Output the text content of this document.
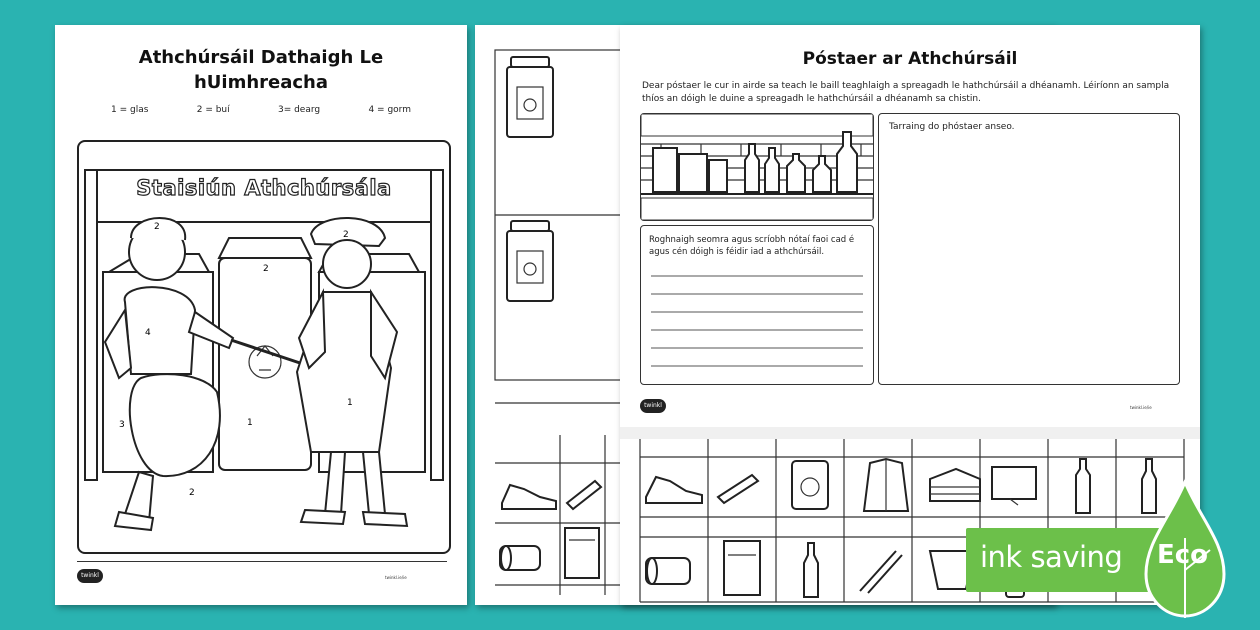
Póstaer ar Athchúrsáil
Dear póstaer le cur in airde sa teach le baill teaghlaigh a spreagadh le hathchúrsáil a dhéanamh. Léiríonn an sampla thíos an dóigh le duine a spreagadh le hathchúrsáil a dhéanamh sa chistin.
Tarraing do phóstaer anseo.
Roghnaigh seomra agus scríobh nótaí faoi cad é agus cén dóigh is féidir iad a athchúrsáil.
twinkl	twinkl.ie/ie
Athchúrsáil Dathaigh Le hUimhreacha
1 = glas	2 = buí	3= dearg	4 = gorm
Staisiún Athchúrsála
2
2
2
4
3	1
1
2
twinkl	twinkl.ie/ie
ink saving Eco
